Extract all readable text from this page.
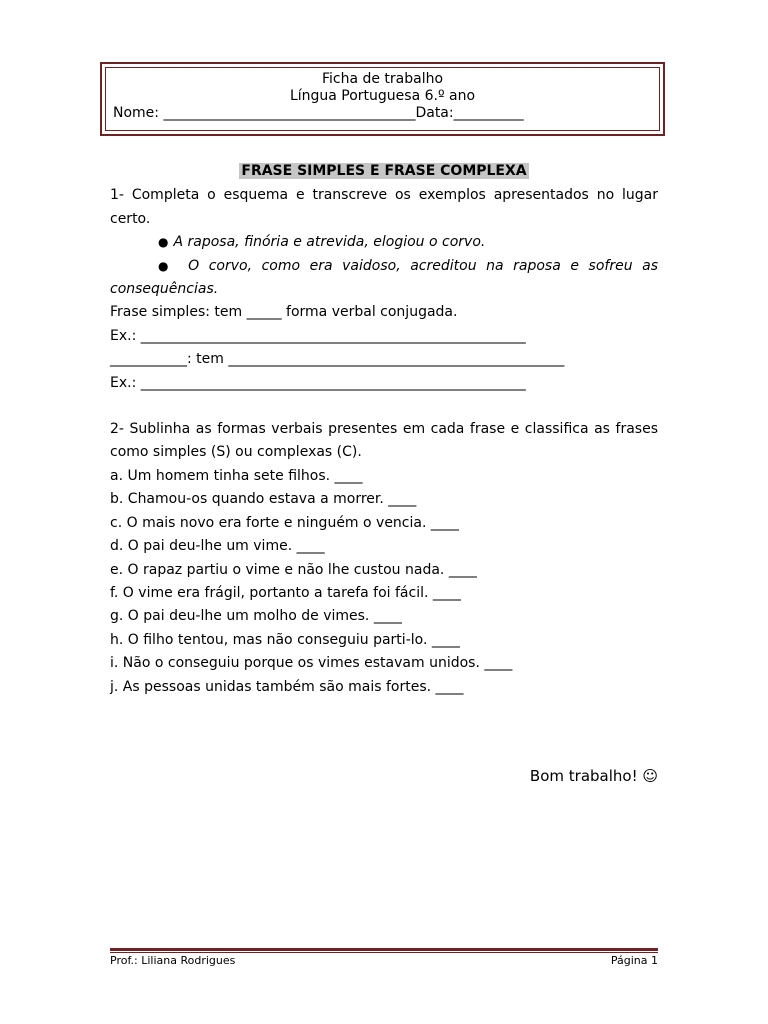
Ficha de trabalho
Língua Portuguesa 6.º ano
Nome: ____________________________________Data:__________
FRASE SIMPLES E FRASE COMPLEXA
1- Completa o esquema e transcreve os exemplos apresentados no lugar certo.
● A raposa, finória e atrevida, elogiou o corvo.
● O corvo, como era vaidoso, acreditou na raposa e sofreu as
consequências.
Frase simples: tem _____ forma verbal conjugada.
Ex.: _______________________________________________________
___________: tem ________________________________________________
Ex.: _______________________________________________________
2- Sublinha as formas verbais presentes em cada frase e classifica as frases como simples (S) ou complexas (C).
a. Um homem tinha sete filhos. ____
b. Chamou-os quando estava a morrer. ____
c. O mais novo era forte e ninguém o vencia. ____
d. O pai deu-lhe um vime. ____
e. O rapaz partiu o vime e não lhe custou nada. ____
f. O vime era frágil, portanto a tarefa foi fácil. ____
g. O pai deu-lhe um molho de vimes. ____
h. O filho tentou, mas não conseguiu parti-lo. ____
i. Não o conseguiu porque os vimes estavam unidos. ____
j. As pessoas unidas também são mais fortes. ____
Bom trabalho! ☺
Prof.: Liliana Rodrigues	Página 1
